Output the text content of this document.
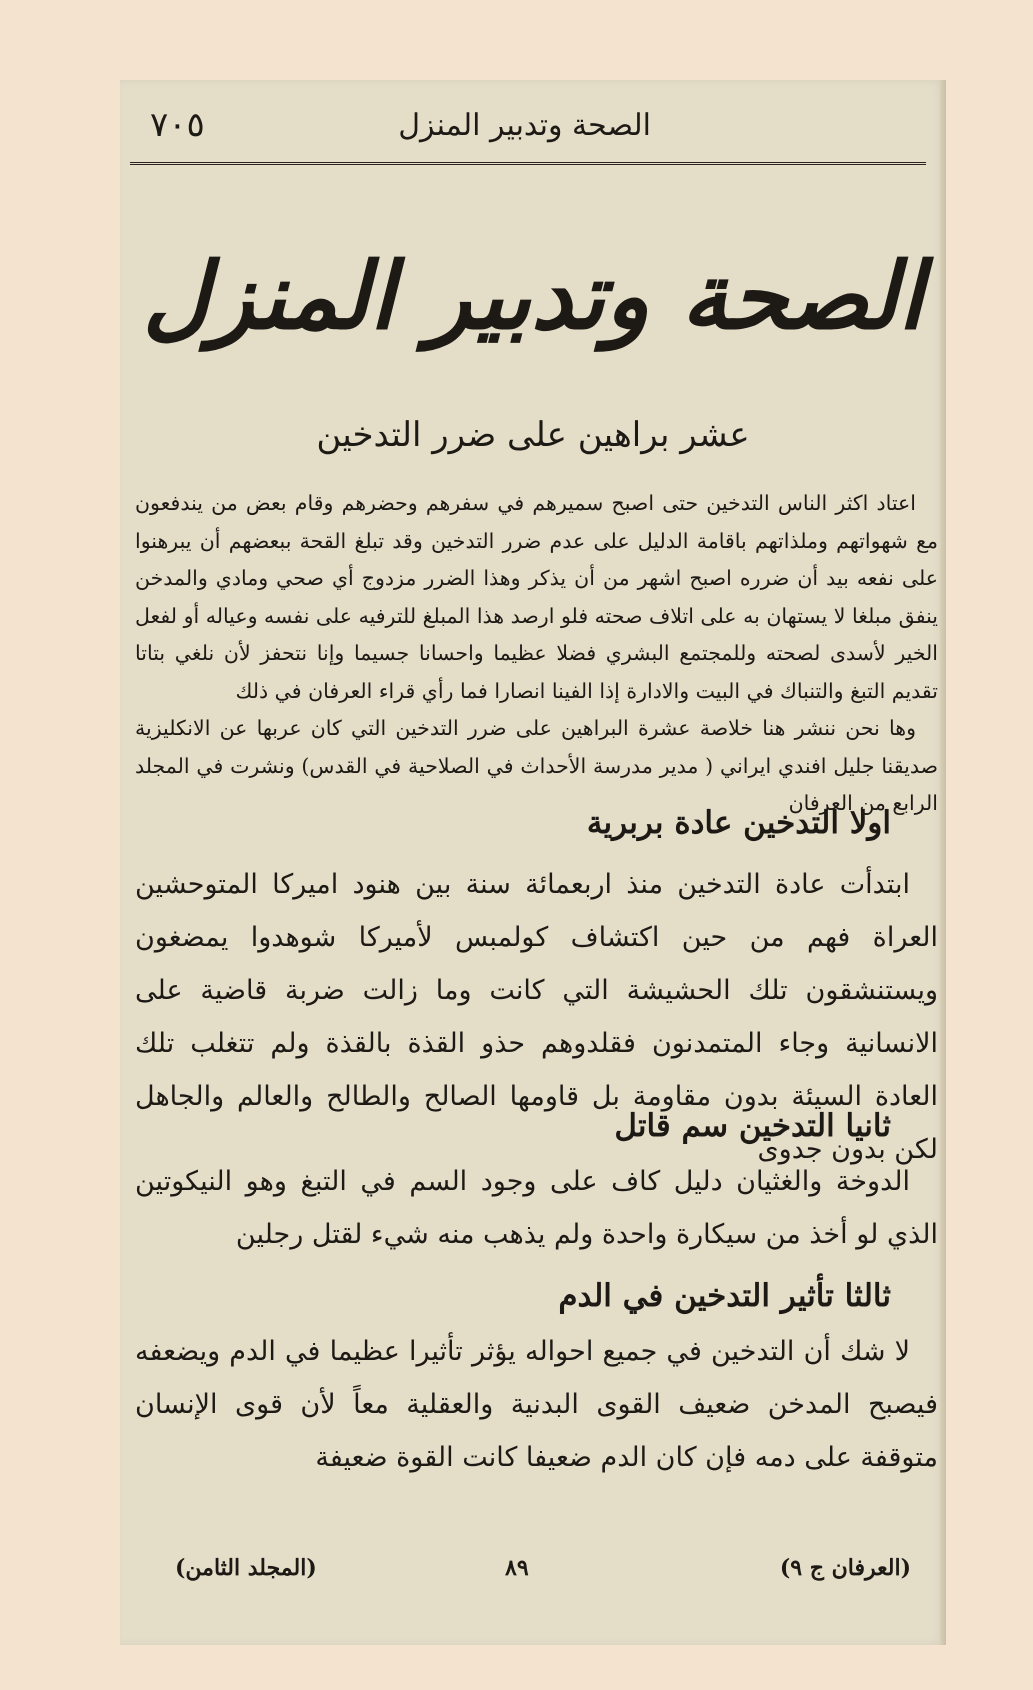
الصحة وتدبير المنزل
٧٠٥
الصحة وتدبير المنزل
عشر براهين على ضرر التدخين

اعتاد اكثر الناس التدخين حتى اصبح سميرهم في سفرهم وحضرهم وقام بعض من يندفعون مع شهواتهم وملذاتهم باقامة الدليل على عدم ضرر التدخين وقد تبلغ القحة ببعضهم أن يبرهنوا على نفعه بيد أن ضرره اصبح اشهر من أن يذكر وهذا الضرر مزدوج أي صحي ومادي والمدخن ينفق مبلغا لا يستهان به على اتلاف صحته فلو ارصد هذا المبلغ للترفيه على نفسه وعياله أو لفعل الخير لأسدى لصحته وللمجتمع البشري فضلا عظيما واحسانا جسيما وإنا نتحفز لأن نلغي بتاتا تقديم التبغ والتنباك في البيت والادارة إذا الفينا انصارا فما رأي قراء العرفان في ذلك

وها نحن ننشر هنا خلاصة عشرة البراهين على ضرر التدخين التي كان عربها عن الانكليزية صديقنا جليل افندي ايراني ( مدير مدرسة الأحداث في الصلاحية في القدس) ونشرت في المجلد الرابع من العرفان

اولا التدخين عادة بربرية

ابتدأت عادة التدخين منذ اربعمائة سنة بين هنود اميركا المتوحشين العراة فهم من حين اكتشاف كولمبس لأميركا شوهدوا يمضغون ويستنشقون تلك الحشيشة التي كانت وما زالت ضربة قاضية على الانسانية وجاء المتمدنون فقلدوهم حذو القذة بالقذة ولم تتغلب تلك العادة السيئة بدون مقاومة بل قاومها الصالح والطالح والعالم والجاهل لكن بدون جدوى

ثانيا التدخين سم قاتل

الدوخة والغثيان دليل كاف على وجود السم في التبغ وهو النيكوتين الذي لو أخذ من سيكارة واحدة ولم يذهب منه شيء لقتل رجلين

ثالثا تأثير التدخين في الدم

لا شك أن التدخين في جميع احواله يؤثر تأثيرا عظيما في الدم ويضعفه فيصبح المدخن ضعيف القوى البدنية والعقلية معاً لأن قوى الإنسان متوقفة على دمه فإن كان الدم ضعيفا كانت القوة ضعيفة

(العرفان ج ٩)
٨٩
(المجلد الثامن)
